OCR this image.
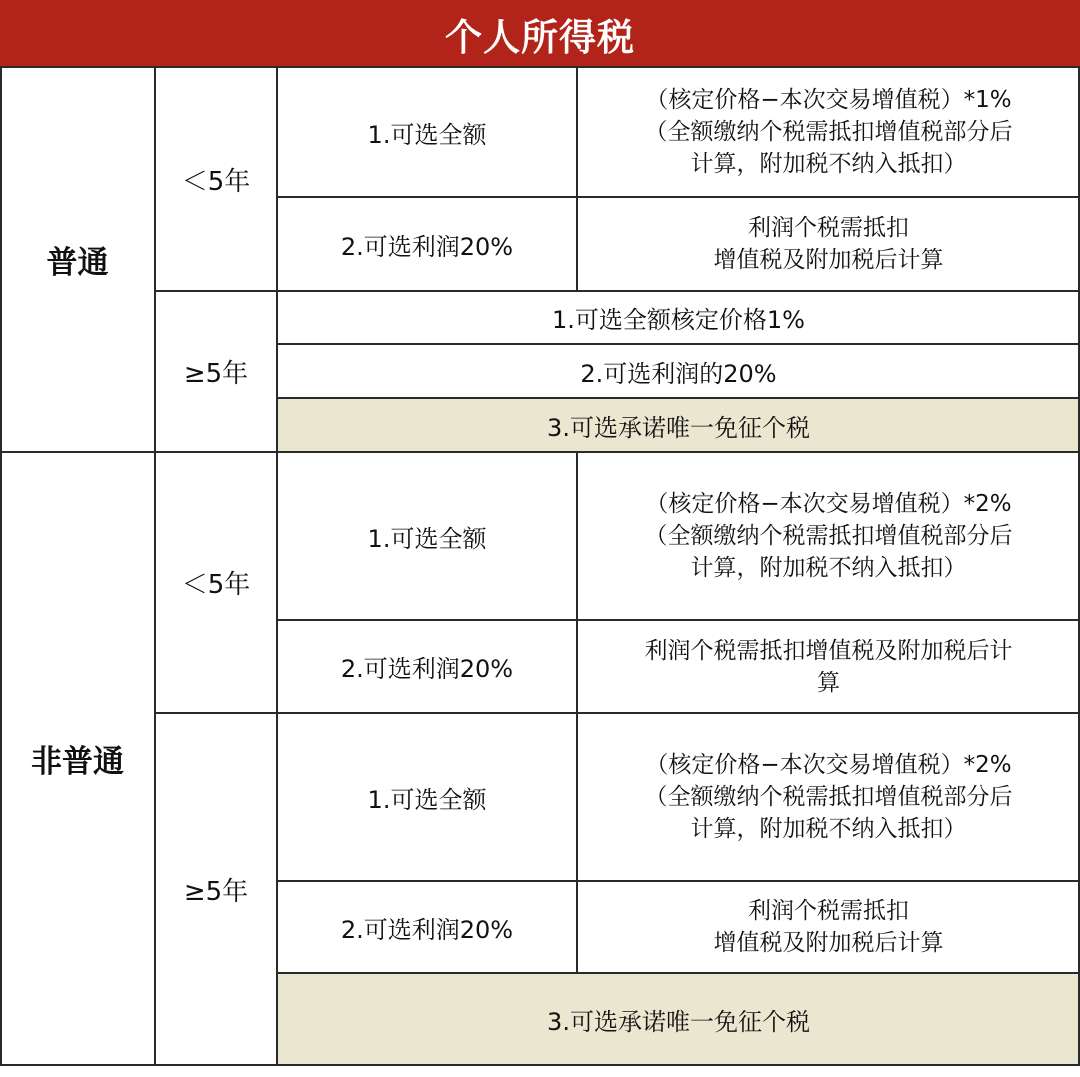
个人所得税
普通
＜5年
1.可选全额
（核定价格−本次交易增值税）*1%
（全额缴纳个税需抵扣增值税部分后
计算，附加税不纳入抵扣）
2.可选利润20%
利润个税需抵扣
增值税及附加税后计算
≥5年
1.可选全额核定价格1%
2.可选利润的20%
3.可选承诺唯一免征个税
非普通
＜5年
1.可选全额
（核定价格−本次交易增值税）*2%
（全额缴纳个税需抵扣增值税部分后
计算，附加税不纳入抵扣）
2.可选利润20%
利润个税需抵扣增值税及附加税后计
算
≥5年
1.可选全额
（核定价格−本次交易增值税）*2%
（全额缴纳个税需抵扣增值税部分后
计算，附加税不纳入抵扣）
2.可选利润20%
利润个税需抵扣
增值税及附加税后计算
3.可选承诺唯一免征个税
